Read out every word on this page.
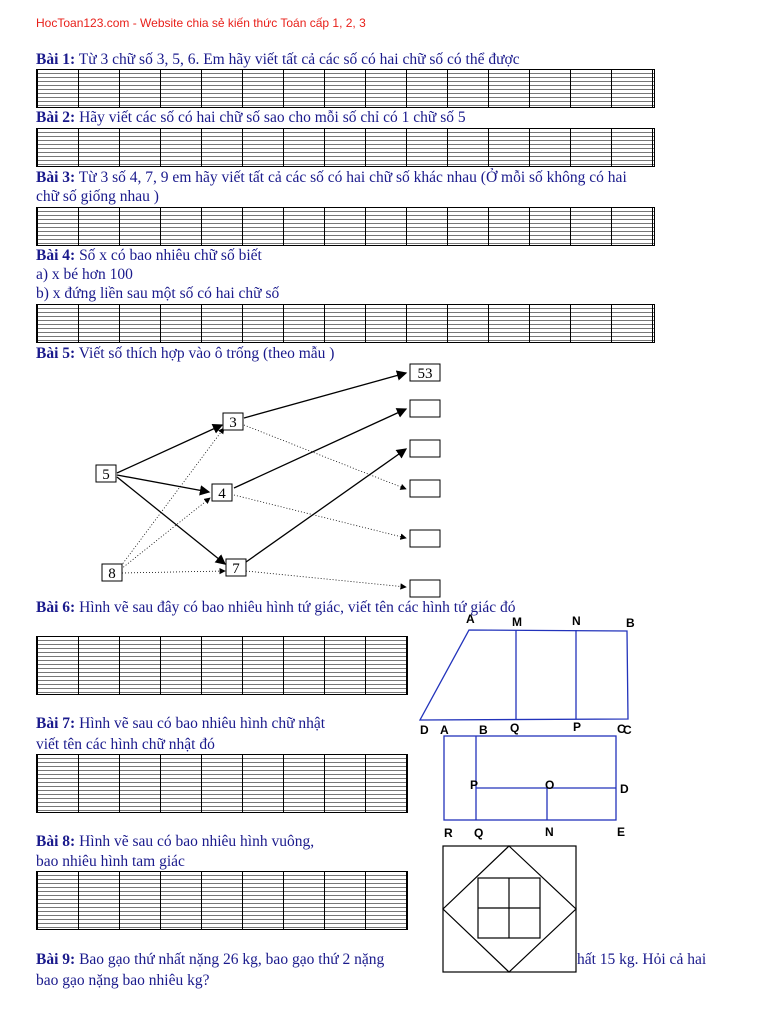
HocToan123.com - Website chia sẻ kiến thức Toán cấp 1, 2, 3
Bài 1: Từ 3 chữ số 3, 5, 6. Em hãy viết tất cả các số có hai chữ số có thể được
Bài 2: Hãy viết các số có hai chữ số sao cho mỗi số chỉ có 1 chữ số 5
Bài 3: Từ 3 số 4, 7, 9 em hãy viết tất cả các số có hai chữ số khác nhau (Ở mỗi số không có hai
chữ số giống nhau )
Bài 4: Số x có bao nhiêu chữ số biết
a) x bé hơn 100
b) x đứng liền sau một số có hai chữ số
Bài 5: Viết số thích hợp vào ô trống (theo mẫu )
5
8
3
4
7
53
Bài 6: Hình vẽ sau đây có bao nhiêu hình tứ giác, viết tên các hình tứ giác đó
A	M	N	B
D	Q	P	C
Bài 7: Hình vẽ sau có bao nhiêu hình chữ nhật
viết tên các hình chữ nhật đó
A	B	C
P	O	D
R Q	N	E
Bài 8: Hình vẽ sau có bao nhiêu hình vuông,
bao nhiêu hình tam giác
Bài 9: Bao gạo thứ nhất nặng 26 kg, bao gạo thứ 2 nặng	hất 15 kg. Hỏi cả hai
bao gạo nặng bao nhiêu kg?
